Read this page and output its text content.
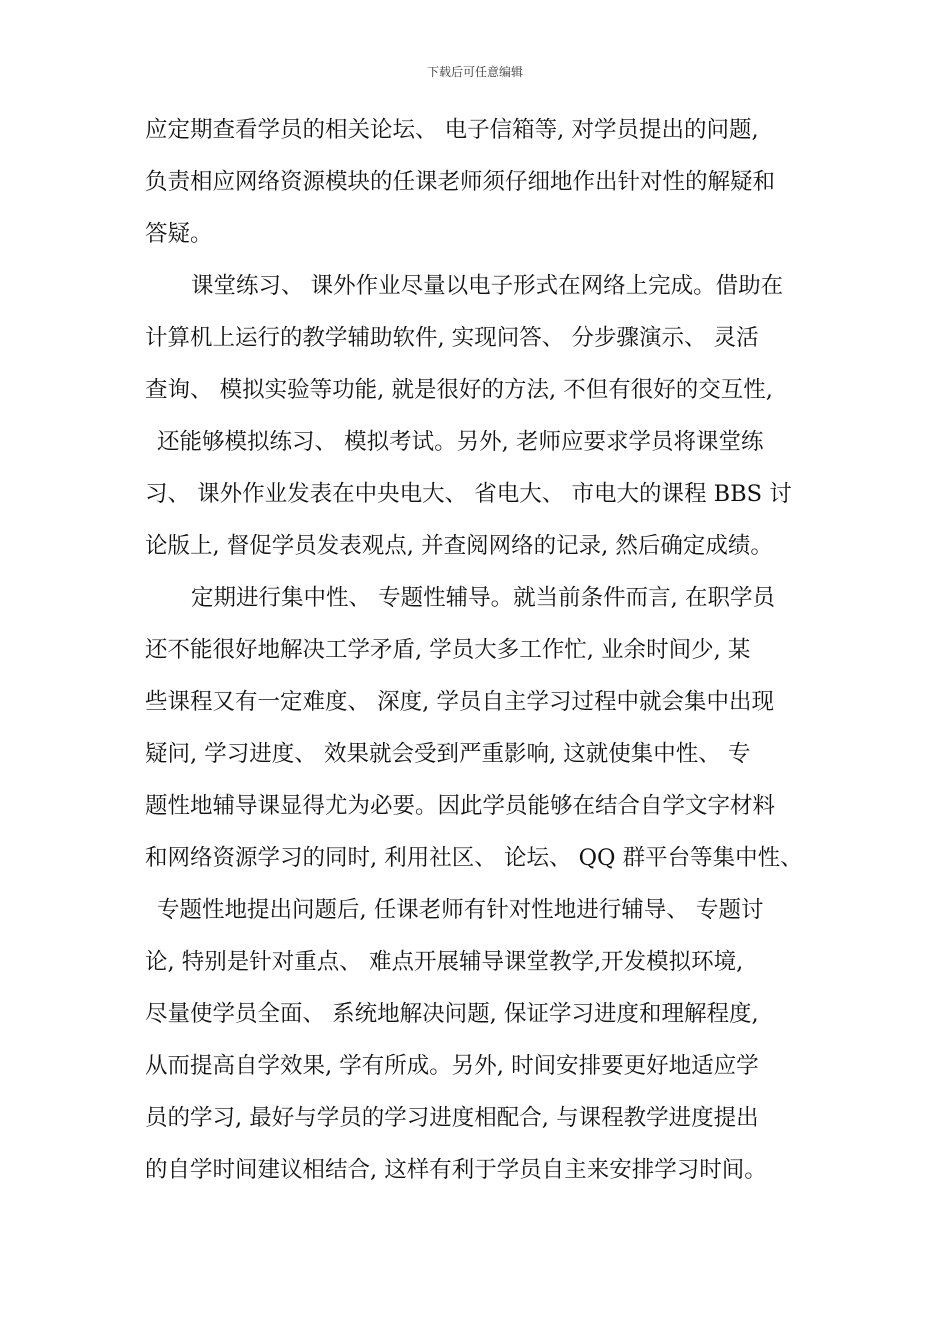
下载后可任意编辑
应定期查看学员的相关论坛、 电子信箱等, 对学员提出的问题,
负责相应网络资源模块的任课老师须仔细地作出针对性的解疑和
答疑。
课堂练习、 课外作业尽量以电子形式在网络上完成。借助在
计算机上运行的教学辅助软件, 实现问答、 分步骤演示、 灵活
查询、 模拟实验等功能, 就是很好的方法, 不但有很好的交互性,
还能够模拟练习、 模拟考试。另外, 老师应要求学员将课堂练
习、 课外作业发表在中央电大、 省电大、 市电大的课程 BBS 讨
论版上, 督促学员发表观点, 并查阅网络的记录, 然后确定成绩。
定期进行集中性、 专题性辅导。就当前条件而言, 在职学员
还不能很好地解决工学矛盾, 学员大多工作忙, 业余时间少, 某
些课程又有一定难度、 深度, 学员自主学习过程中就会集中出现
疑问, 学习进度、 效果就会受到严重影响, 这就使集中性、 专
题性地辅导课显得尤为必要。因此学员能够在结合自学文字材料
和网络资源学习的同时, 利用社区、 论坛、 QQ 群平台等集中性、
专题性地提出问题后, 任课老师有针对性地进行辅导、 专题讨
论, 特别是针对重点、 难点开展辅导课堂教学,开发模拟环境,
尽量使学员全面、 系统地解决问题, 保证学习进度和理解程度,
从而提高自学效果, 学有所成。另外, 时间安排要更好地适应学
员的学习, 最好与学员的学习进度相配合, 与课程教学进度提出
的自学时间建议相结合, 这样有利于学员自主来安排学习时间。
